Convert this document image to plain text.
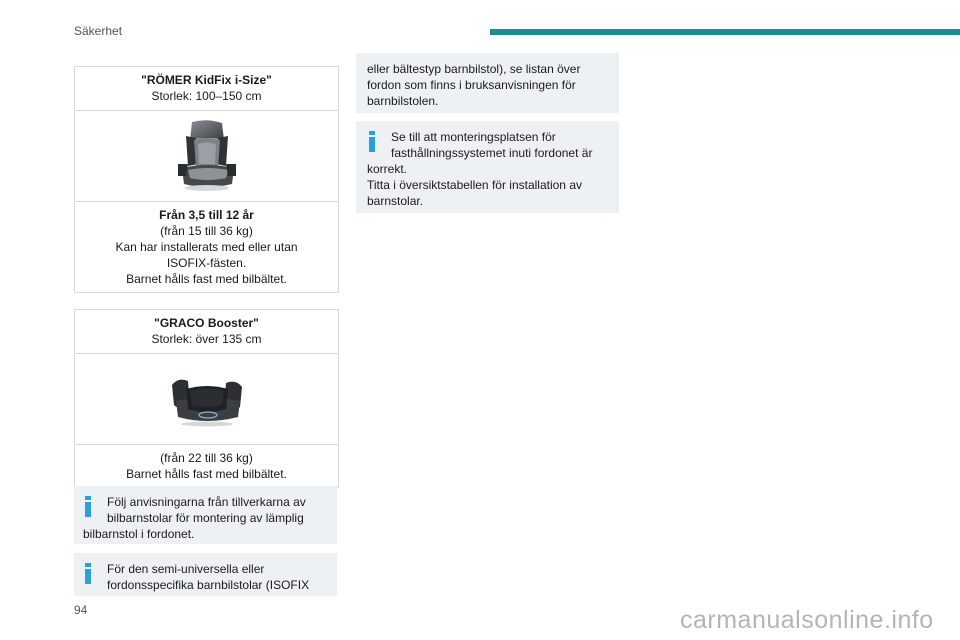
Säkerhet
"RÖMER KidFix i-Size"
Storlek: 100–150 cm
Från 3,5 till 12 år
(från 15 till 36 kg)
Kan har installerats med eller utan
ISOFIX-fästen.
Barnet hålls fast med bilbältet.
"GRACO Booster"
Storlek: över 135 cm
(från 22 till 36 kg)
Barnet hålls fast med bilbältet.
Följ anvisningarna från tillverkarna av
bilbarnstolar för montering av lämplig
bilbarnstol i fordonet.
För den semi-universella eller
fordonsspecifika barnbilstolar (ISOFIX
eller bältestyp barnbilstol), se listan över
fordon som finns i bruksanvisningen för
barnbilstolen.
Se till att monteringsplatsen för
fasthållningssystemet inuti fordonet är
korrekt.
Titta i översiktstabellen för installation av
barnstolar.
94	carmanualsonline.info
